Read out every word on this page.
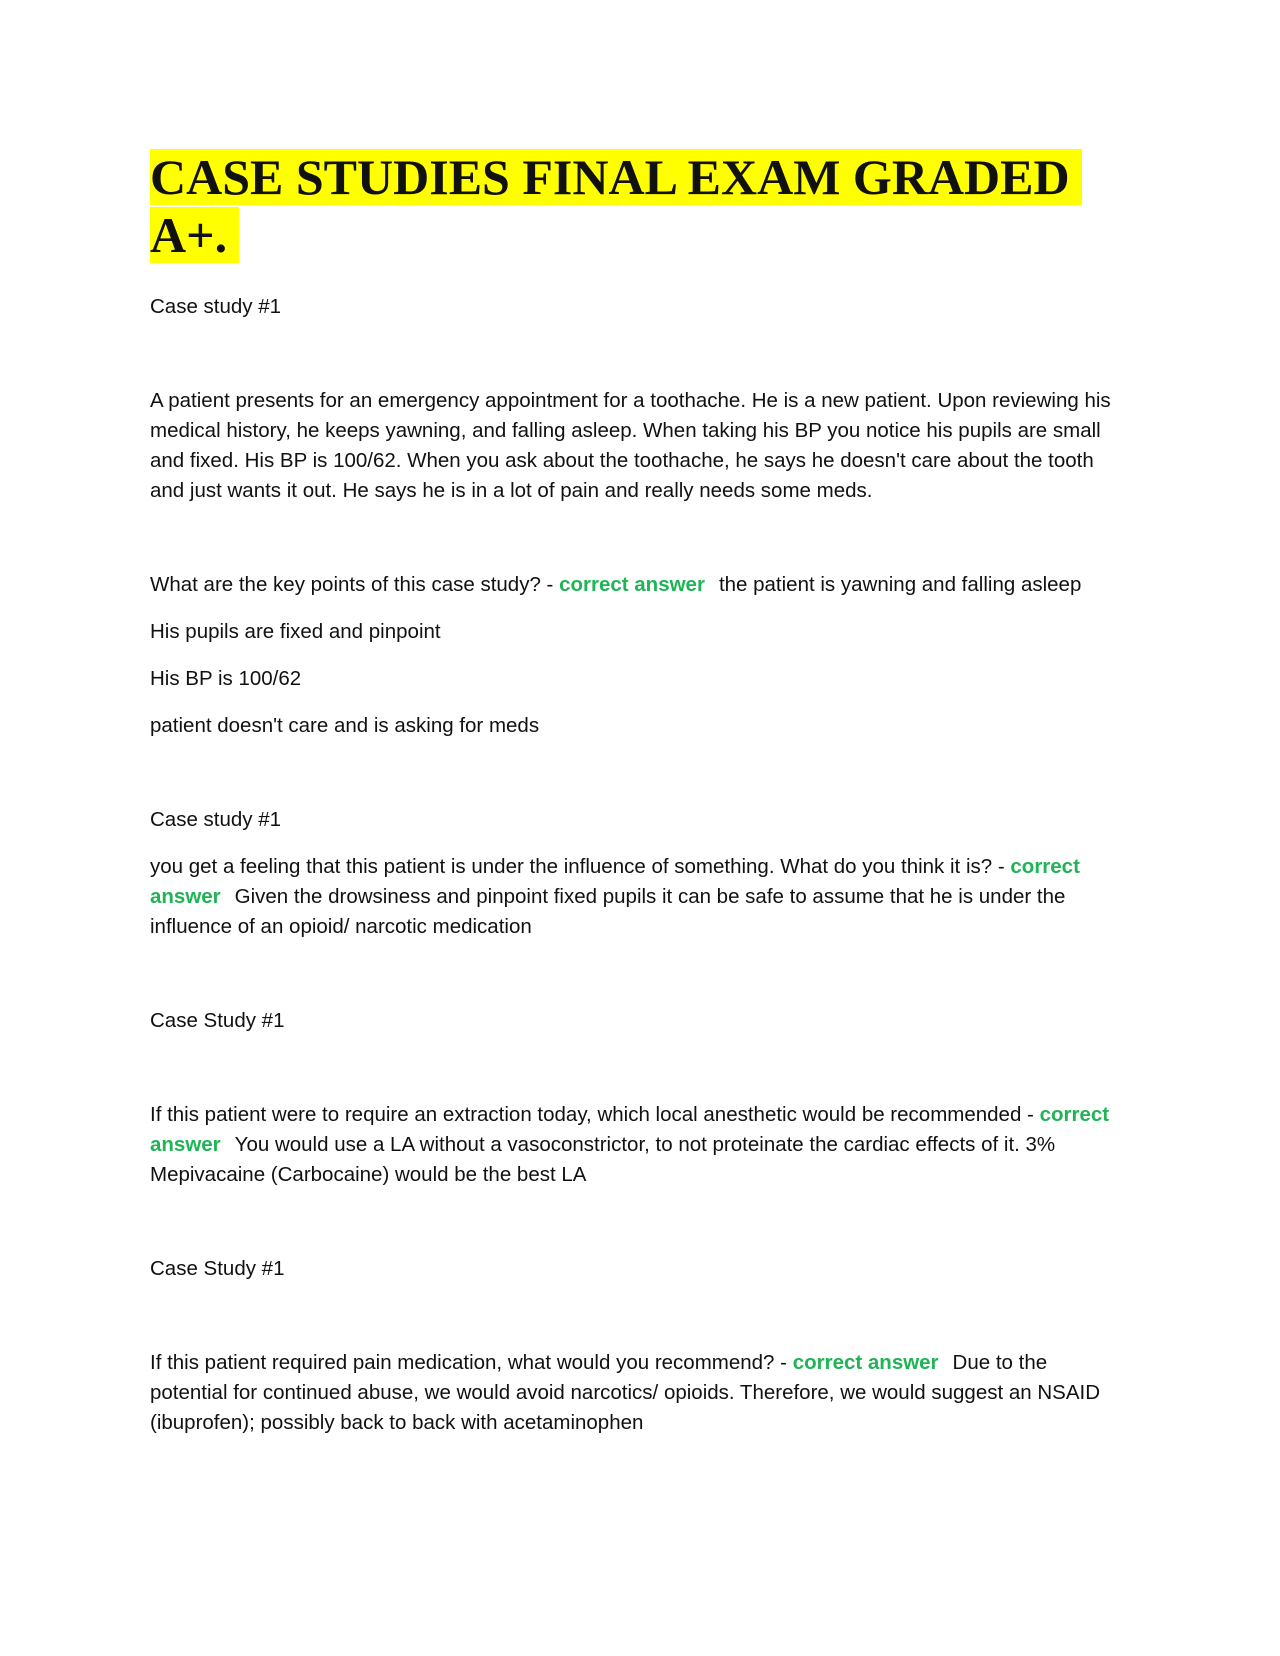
CASE STUDIES FINAL EXAM GRADED A+.

Case study #1

A patient presents for an emergency appointment for a toothache. He is a new patient. Upon reviewing his medical history, he keeps yawning, and falling asleep. When taking his BP you notice his pupils are small and fixed. His BP is 100/62. When you ask about the toothache, he says he doesn't care about the tooth and just wants it out. He says he is in a lot of pain and really needs some meds.

What are the key points of this case study? - correct answer the patient is yawning and falling asleep

His pupils are fixed and pinpoint

His BP is 100/62

patient doesn't care and is asking for meds

Case study #1

you get a feeling that this patient is under the influence of something. What do you think it is? - correct answer Given the drowsiness and pinpoint fixed pupils it can be safe to assume that he is under the influence of an opioid/ narcotic medication

Case Study #1

If this patient were to require an extraction today, which local anesthetic would be recommended - correct answer You would use a LA without a vasoconstrictor, to not proteinate the cardiac effects of it. 3% Mepivacaine (Carbocaine) would be the best LA

Case Study #1

If this patient required pain medication, what would you recommend? - correct answer Due to the potential for continued abuse, we would avoid narcotics/ opioids. Therefore, we would suggest an NSAID (ibuprofen); possibly back to back with acetaminophen
